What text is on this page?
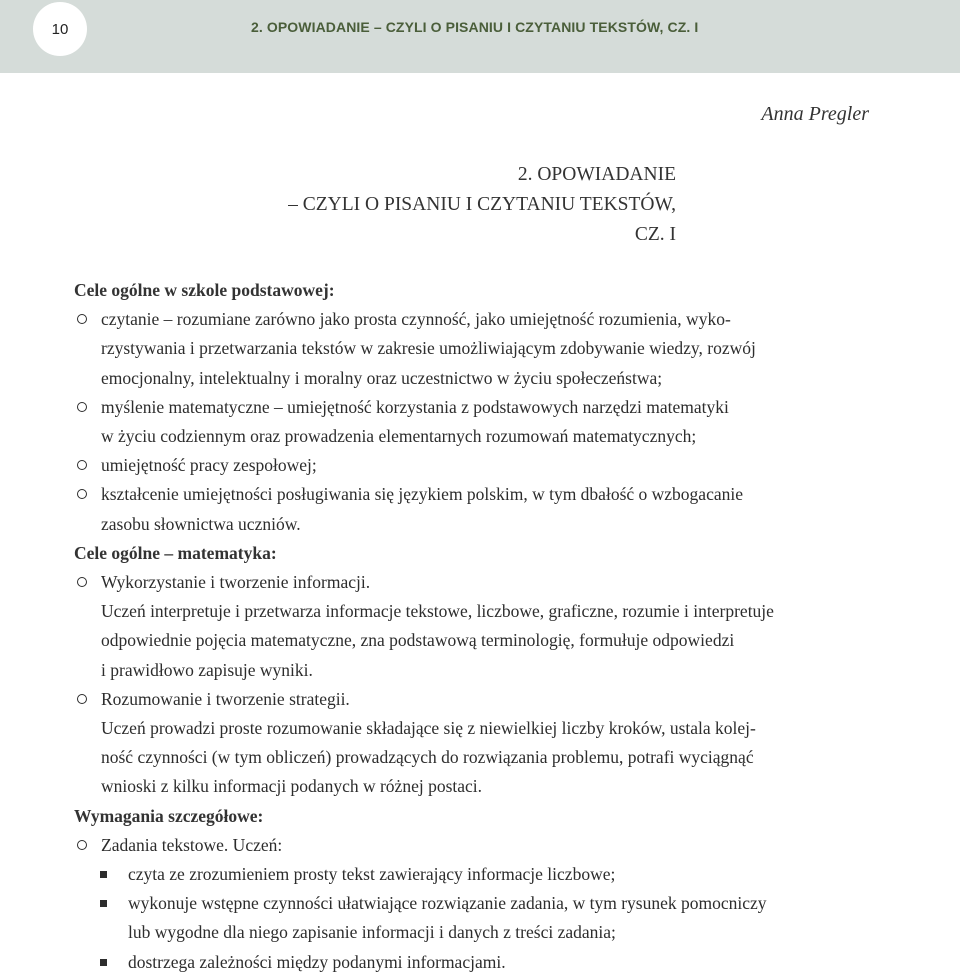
10	2. OPOWIADANIE – CZYLI O PISANIU I CZYTANIU TEKSTÓW, CZ. I
Anna Pregler
2. OPOWIADANIE
– CZYLI O PISANIU I CZYTANIU TEKSTÓW,
CZ. I
Cele ogólne w szkole podstawowej:
czytanie – rozumiane zarówno jako prosta czynność, jako umiejętność rozumienia, wyko-
rzystywania i przetwarzania tekstów w zakresie umożliwiającym zdobywanie wiedzy, rozwój
emocjonalny, intelektualny i moralny oraz uczestnictwo w życiu społeczeństwa;
myślenie matematyczne – umiejętność korzystania z podstawowych narzędzi matematyki
w życiu codziennym oraz prowadzenia elementarnych rozumowań matematycznych;
umiejętność pracy zespołowej;
kształcenie umiejętności posługiwania się językiem polskim, w tym dbałość o wzbogacanie
zasobu słownictwa uczniów.
Cele ogólne – matematyka:
Wykorzystanie i tworzenie informacji.
Uczeń interpretuje i przetwarza informacje tekstowe, liczbowe, graficzne, rozumie i interpretuje
odpowiednie pojęcia matematyczne, zna podstawową terminologię, formułuje odpowiedzi
i prawidłowo zapisuje wyniki.
Rozumowanie i tworzenie strategii.
Uczeń prowadzi proste rozumowanie składające się z niewielkiej liczby kroków, ustala kolej-
ność czynności (w tym obliczeń) prowadzących do rozwiązania problemu, potrafi wyciągnąć
wnioski z kilku informacji podanych w różnej postaci.
Wymagania szczegółowe:
Zadania tekstowe. Uczeń:
czyta ze zrozumieniem prosty tekst zawierający informacje liczbowe;
wykonuje wstępne czynności ułatwiające rozwiązanie zadania, w tym rysunek pomocniczy
lub wygodne dla niego zapisanie informacji i danych z treści zadania;
dostrzega zależności między podanymi informacjami.
